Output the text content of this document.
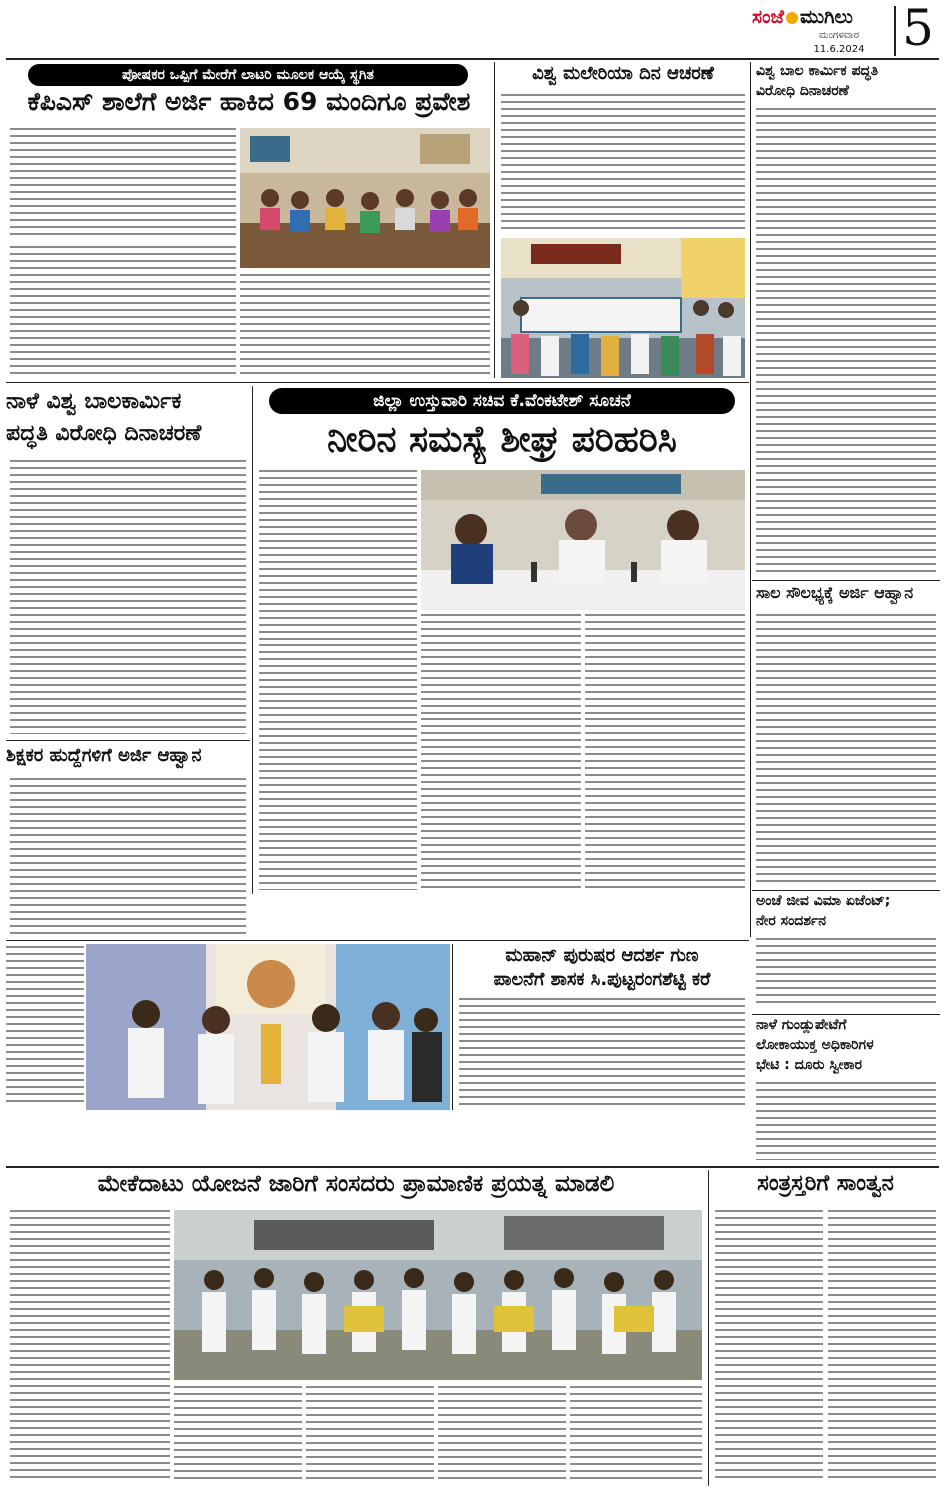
ಸಂಜೆ ಮುಗಿಲು
ಮಂಗಳವಾರ
11.6.2024 5
ಪೋಷಕರ ಒಪ್ಪಿಗೆ ಮೇರೆಗೆ ಲಾಟರಿ ಮೂಲಕ ಆಯ್ಕೆ ಸ್ಥಗಿತ
ಕೆಪಿಎಸ್ ಶಾಲೆಗೆ ಅರ್ಜಿ ಹಾಕಿದ 69 ಮಂದಿಗೂ ಪ್ರವೇಶ
ವಿಶ್ವ ಮಲೇರಿಯಾ ದಿನ ಆಚರಣೆ	ವಿಶ್ವ ಬಾಲ ಕಾರ್ಮಿಕ ಪದ್ಧತಿ
ವಿರೋಧಿ ದಿನಾಚರಣೆ
ನಾಳೆ ವಿಶ್ವ ಬಾಲಕಾರ್ಮಿಕ
ಪದ್ಧತಿ ವಿರೋಧಿ ದಿನಾಚರಣೆ
ಜಿಲ್ಲಾ ಉಸ್ತುವಾರಿ ಸಚಿವ ಕೆ.ವೆಂಕಟೇಶ್ ಸೂಚನೆ
ನೀರಿನ ಸಮಸ್ಯೆ ಶೀಘ್ರ ಪರಿಹರಿಸಿ
ಸಾಲ ಸೌಲಭ್ಯಕ್ಕೆ ಅರ್ಜಿ ಆಹ್ವಾನ
ಶಿಕ್ಷಕರ ಹುದ್ದೆಗಳಿಗೆ ಅರ್ಜಿ ಆಹ್ವಾನ
ಅಂಚೆ ಜೀವ ವಿಮಾ ಏಜೆಂಟ್;
ನೇರ ಸಂದರ್ಶನ
ಮಹಾನ್ ಪುರುಷರ ಆದರ್ಶ ಗುಣ
ಪಾಲನೆಗೆ ಶಾಸಕ ಸಿ.ಪುಟ್ಟರಂಗಶೆಟ್ಟಿ ಕರೆ
ನಾಳೆ ಗುಂಡ್ಲುಪೇಟೆಗೆ
ಲೋಕಾಯುಕ್ತ ಅಧಿಕಾರಿಗಳ
ಭೇಟಿ : ದೂರು ಸ್ವೀಕಾರ
ಮೇಕೆದಾಟು ಯೋಜನೆ ಜಾರಿಗೆ ಸಂಸದರು ಪ್ರಾಮಾಣಿಕ ಪ್ರಯತ್ನ ಮಾಡಲಿ	ಸಂತ್ರಸ್ತರಿಗೆ ಸಾಂತ್ವನ
